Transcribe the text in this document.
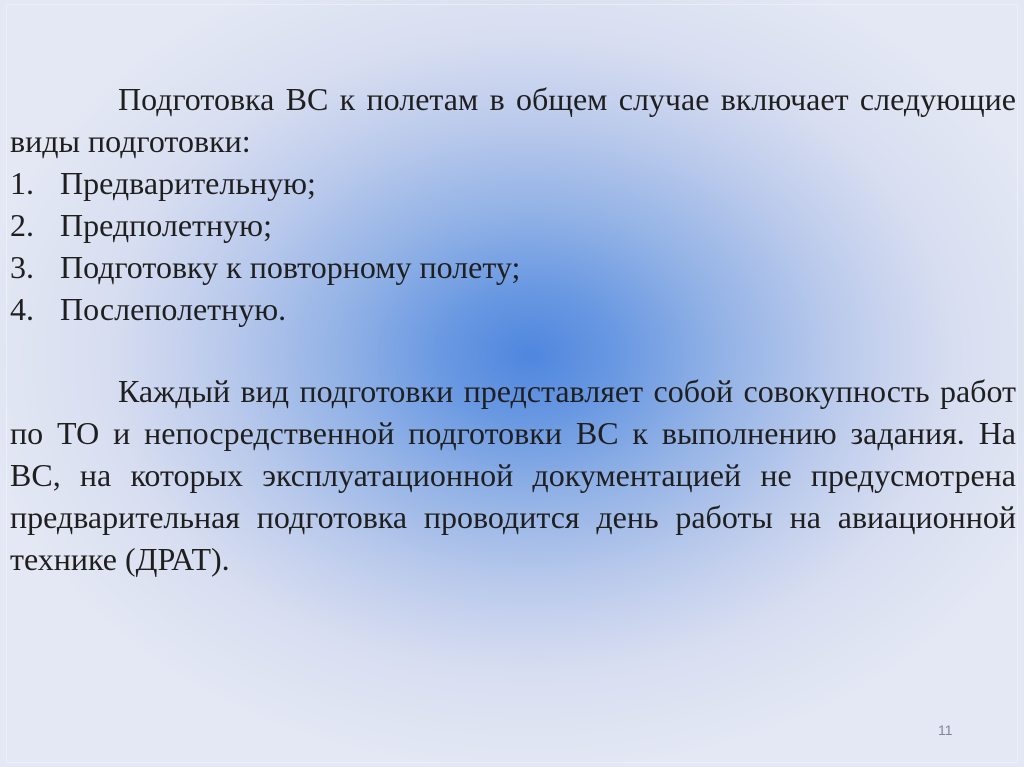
Подготовка ВС к полетам в общем случае включает следующие виды подготовки:

1. Предварительную;
2. Предполетную;
3. Подготовку к повторному полету;
4. Послеполетную.

Каждый вид подготовки представляет собой совокупность работ по ТО и непосредственной подготовки ВС к выполнению задания. На ВС, на которых эксплуатационной документацией не предусмотрена предварительная подготовка проводится день работы на авиационной технике (ДРАТ).

11
